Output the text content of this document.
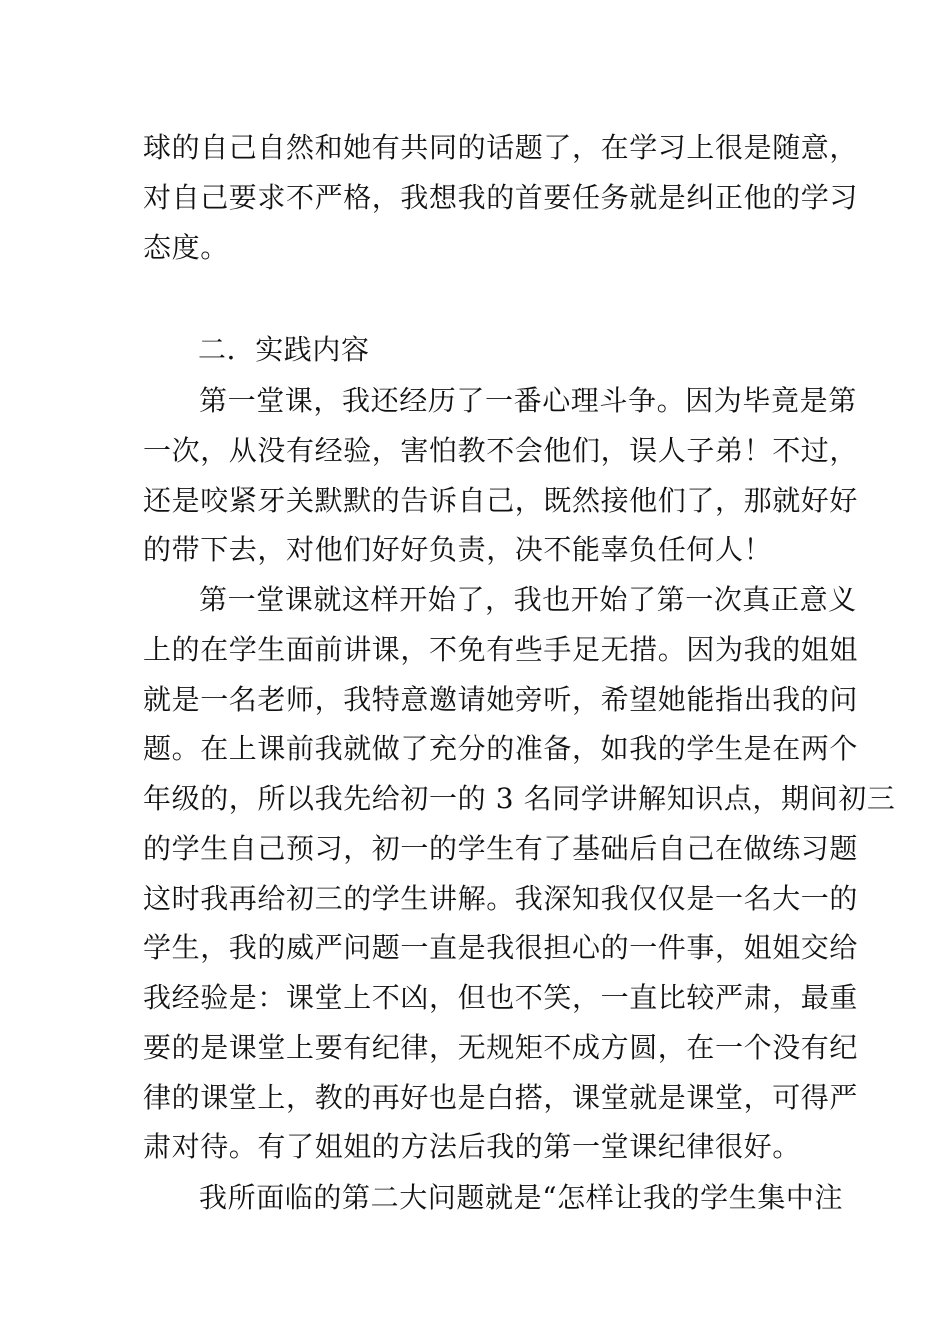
球的自己自然和她有共同的话题了，在学习上很是随意，
对自己要求不严格，我想我的首要任务就是纠正他的学习
态度。
二．实践内容
第一堂课，我还经历了一番心理斗争。因为毕竟是第
一次，从没有经验，害怕教不会他们，误人子弟！不过，
还是咬紧牙关默默的告诉自己，既然接他们了，那就好好
的带下去，对他们好好负责，决不能辜负任何人！
第一堂课就这样开始了，我也开始了第一次真正意义
上的在学生面前讲课，不免有些手足无措。因为我的姐姐
就是一名老师，我特意邀请她旁听，希望她能指出我的问
题。在上课前我就做了充分的准备，如我的学生是在两个
年级的，所以我先给初一的 3 名同学讲解知识点，期间初三
的学生自己预习，初一的学生有了基础后自己在做练习题
这时我再给初三的学生讲解。我深知我仅仅是一名大一的
学生，我的威严问题一直是我很担心的一件事，姐姐交给
我经验是：课堂上不凶，但也不笑，一直比较严肃，最重
要的是课堂上要有纪律，无规矩不成方圆，在一个没有纪
律的课堂上，教的再好也是白搭，课堂就是课堂，可得严
肃对待。有了姐姐的方法后我的第一堂课纪律很好。
我所面临的第二大问题就是“怎样让我的学生集中注
